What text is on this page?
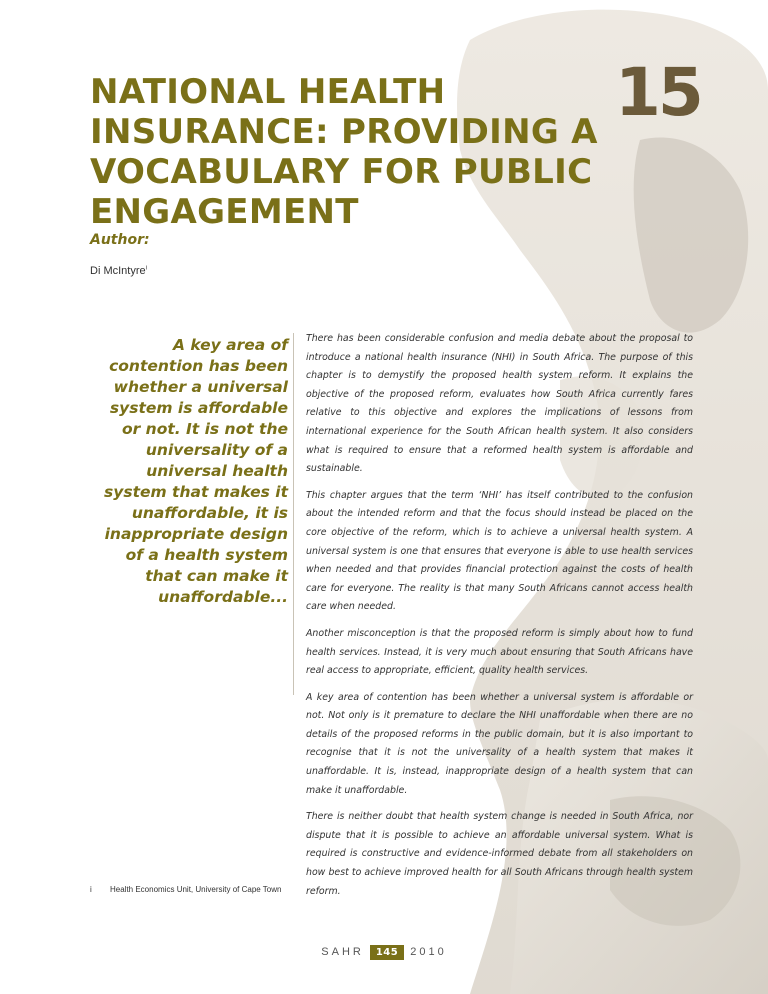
NATIONAL HEALTH INSURANCE: PROVIDING A VOCABULARY FOR PUBLIC ENGAGEMENT
15
Author:
Di McIntyre$^i$

A key area of contention has been whether a universal system is affordable or not. It is not the universality of a universal health system that makes it unaffordable, it is inappropriate design of a health system that can make it unaffordable...

There has been considerable confusion and media debate about the proposal to introduce a national health insurance (NHI) in South Africa. The purpose of this chapter is to demystify the proposed health system reform. It explains the objective of the proposed reform, evaluates how South Africa currently fares relative to this objective and explores the implications of lessons from international experience for the South African health system. It also considers what is required to ensure that a reformed health system is affordable and sustainable.

This chapter argues that the term ‘NHI’ has itself contributed to the confusion about the intended reform and that the focus should instead be placed on the core objective of the reform, which is to achieve a universal health system. A universal system is one that ensures that everyone is able to use health services when needed and that provides financial protection against the costs of health care for everyone. The reality is that many South Africans cannot access health care when needed.

Another misconception is that the proposed reform is simply about how to fund health services. Instead, it is very much about ensuring that South Africans have real access to appropriate, efficient, quality health services.

A key area of contention has been whether a universal system is affordable or not. Not only is it premature to declare the NHI unaffordable when there are no details of the proposed reforms in the public domain, but it is also important to recognise that it is not the universality of a health system that makes it unaffordable. It is, instead, inappropriate design of a health system that can make it unaffordable.

There is neither doubt that health system change is needed in South Africa, nor dispute that it is possible to achieve an affordable universal system. What is required is constructive and evidence-informed debate from all stakeholders on how best to achieve improved health for all South Africans through health system reform.

i Health Economics Unit, University of Cape Town
SAHR 145 2010
